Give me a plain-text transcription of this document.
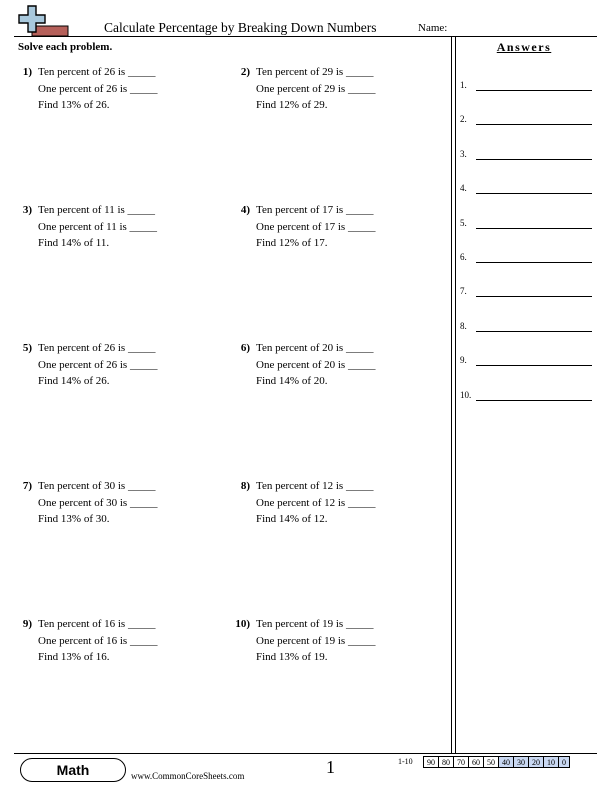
Calculate Percentage by Breaking Down Numbers	Name:
Solve each problem.
1) Ten percent of 26 is _____
One percent of 26 is _____
Find 13% of 26.
2) Ten percent of 29 is _____
One percent of 29 is _____
Find 12% of 29.
3) Ten percent of 11 is _____
One percent of 11 is _____
Find 14% of 11.
4) Ten percent of 17 is _____
One percent of 17 is _____
Find 12% of 17.
5) Ten percent of 26 is _____
One percent of 26 is _____
Find 14% of 26.
6) Ten percent of 20 is _____
One percent of 20 is _____
Find 14% of 20.
7) Ten percent of 30 is _____
One percent of 30 is _____
Find 13% of 30.
8) Ten percent of 12 is _____
One percent of 12 is _____
Find 14% of 12.
9) Ten percent of 16 is _____
One percent of 16 is _____
Find 13% of 16.
10) Ten percent of 19 is _____
One percent of 19 is _____
Find 13% of 19.
Answers
1.
2.
3.
4.
5.
6.
7.
8.
9.
10.
Math	www.CommonCoreSheets.com	1	1-10 90	80	70	60	50	40	30	20	10	0
